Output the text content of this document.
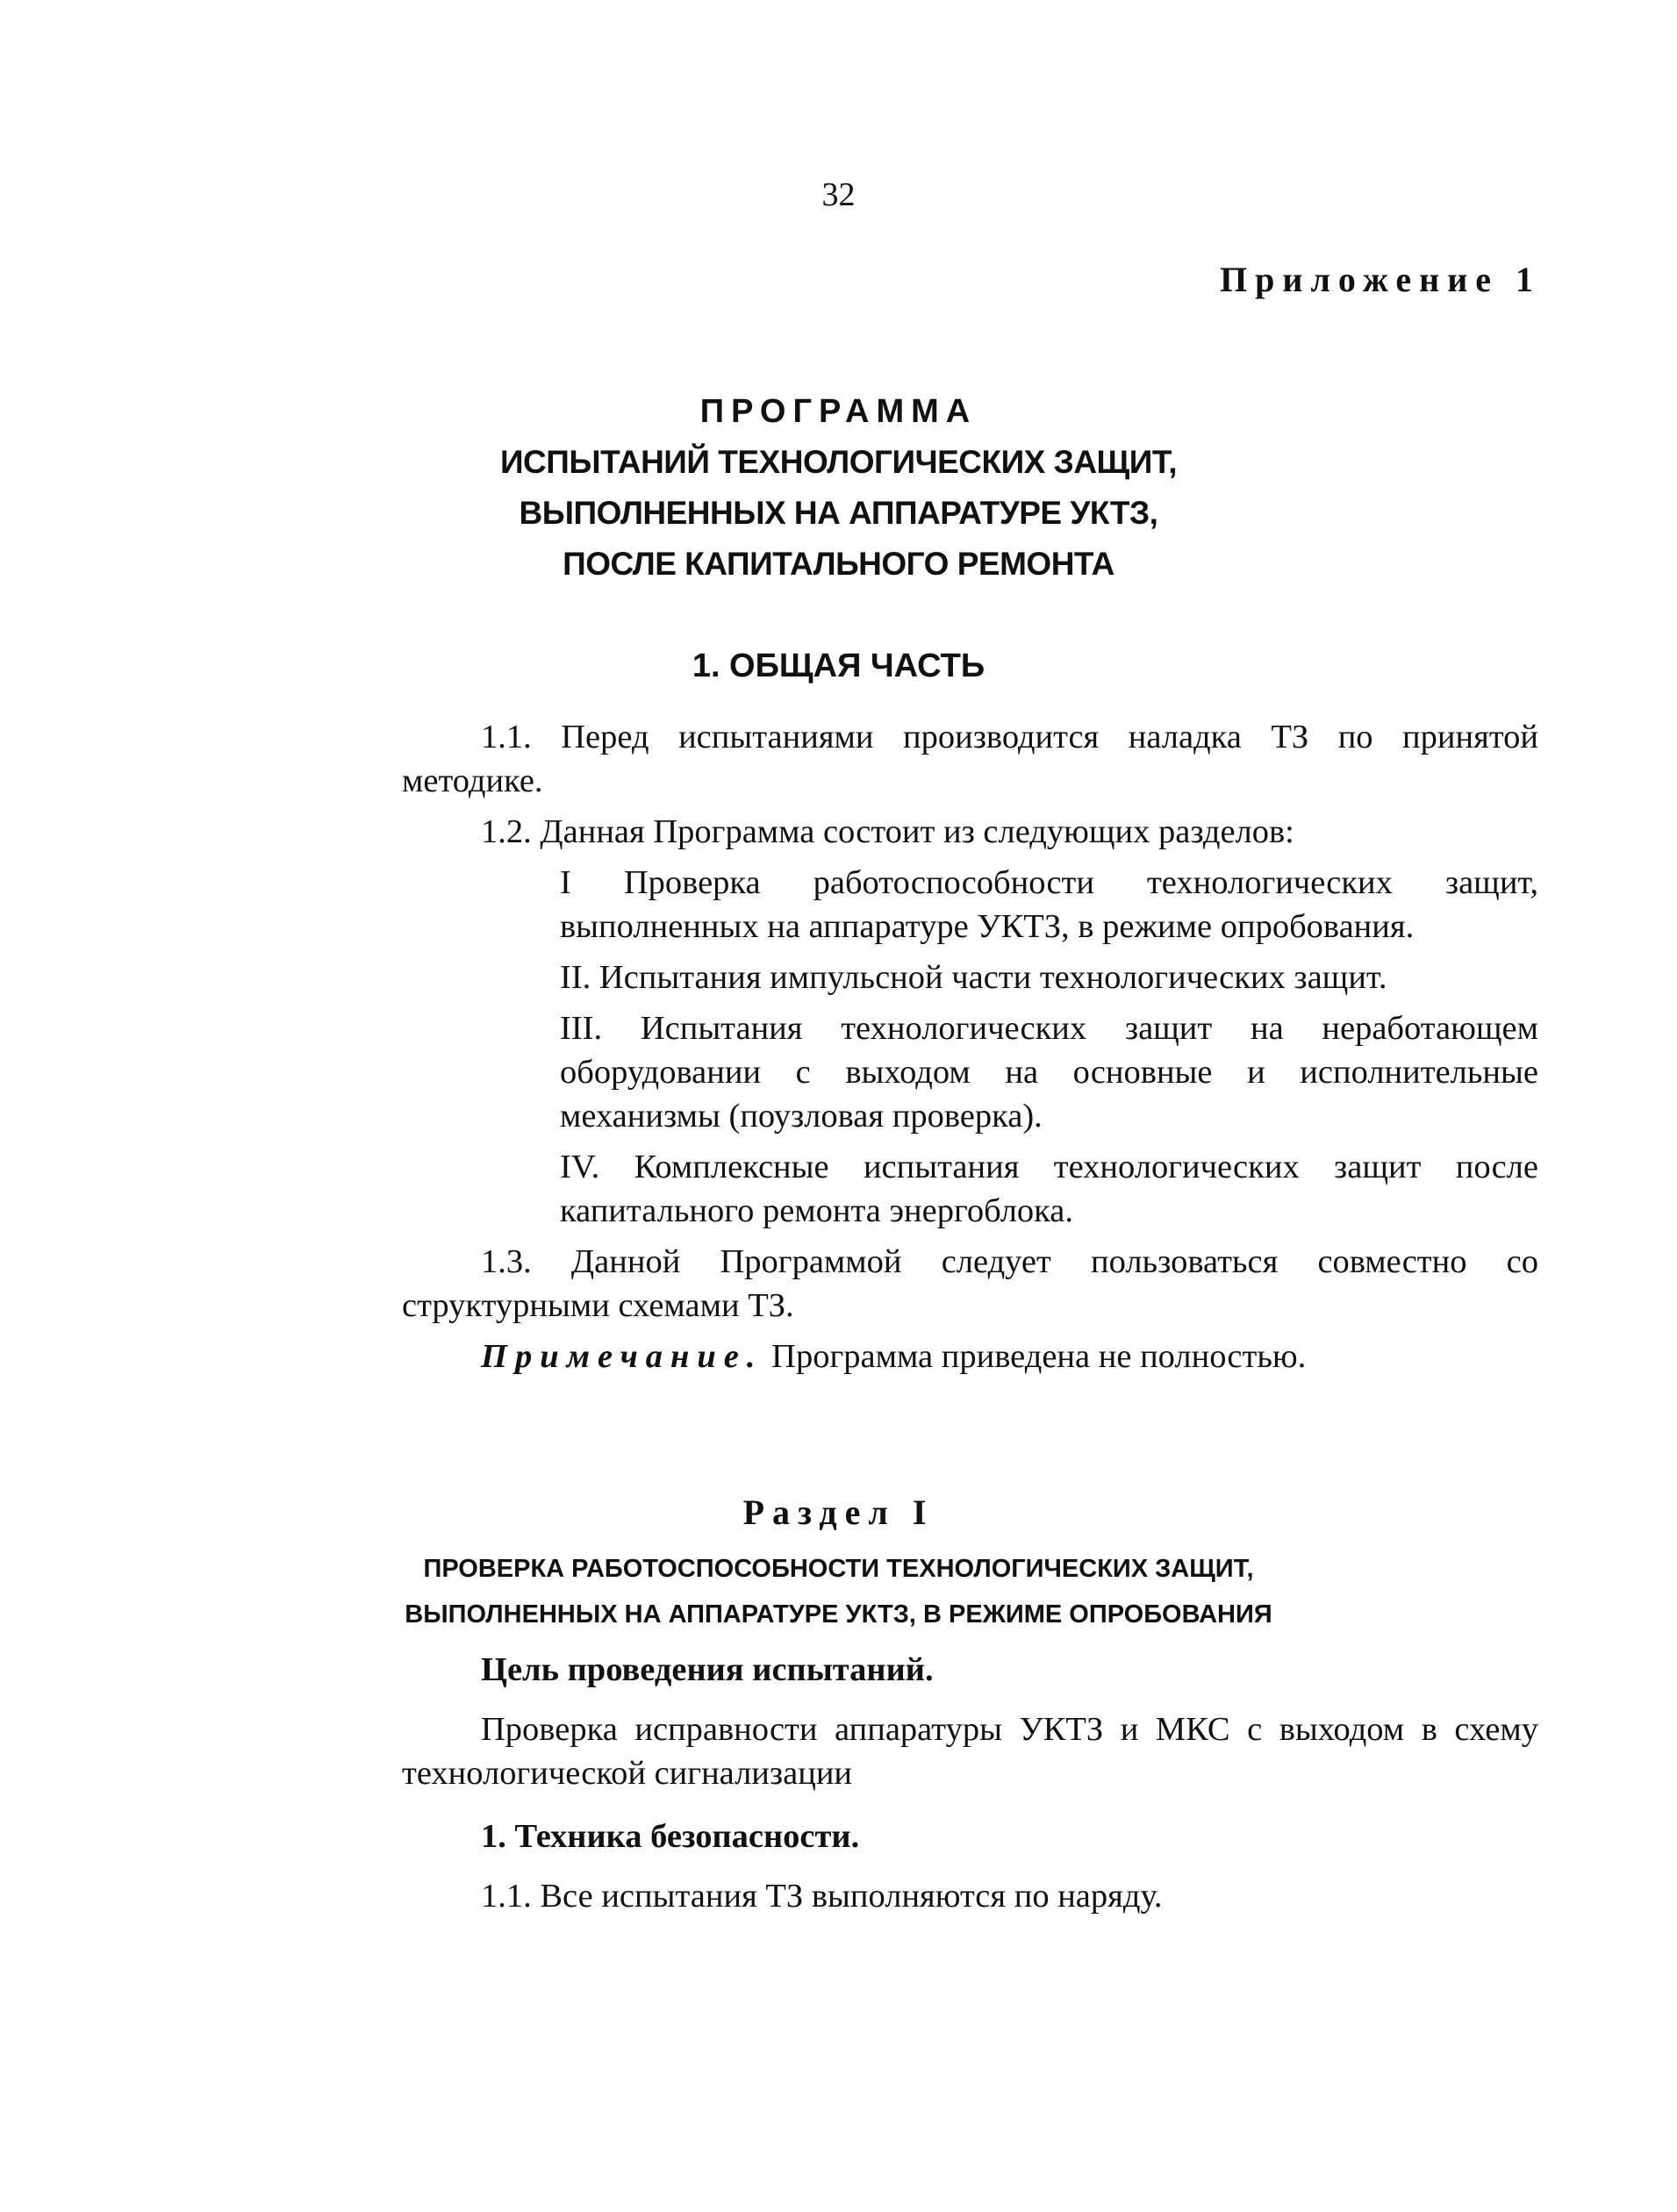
32
Приложение 1
ПРОГРАММА
ИСПЫТАНИЙ ТЕХНОЛОГИЧЕСКИХ ЗАЩИТ,
ВЫПОЛНЕННЫХ НА АППАРАТУРЕ УКТЗ,
ПОСЛЕ КАПИТАЛЬНОГО РЕМОНТА
1. ОБЩАЯ ЧАСТЬ

1.1. Перед испытаниями производится наладка ТЗ по принятой методике.

1.2. Данная Программа состоит из следующих разделов:

I Проверка работоспособности технологических защит, выполненных на аппаратуре УКТЗ, в режиме опробования.

II. Испытания импульсной части технологических защит.

III. Испытания технологических защит на неработающем оборудовании с выходом на основные и исполнительные механизмы (поузловая проверка).

IV. Комплексные испытания технологических защит после капитального ремонта энергоблока.

1.3. Данной Программой следует пользоваться совместно со структурными схемами ТЗ.

Примечание. Программа приведена не полностью.

Раздел I
ПРОВЕРКА РАБОТОСПОСОБНОСТИ ТЕХНОЛОГИЧЕСКИХ ЗАЩИТ,
ВЫПОЛНЕННЫХ НА АППАРАТУРЕ УКТЗ, В РЕЖИМЕ ОПРОБОВАНИЯ

Цель проведения испытаний.

Проверка исправности аппаратуры УКТЗ и МКС с выходом в схему технологической сигнализации

1. Техника безопасности.

1.1. Все испытания ТЗ выполняются по наряду.
